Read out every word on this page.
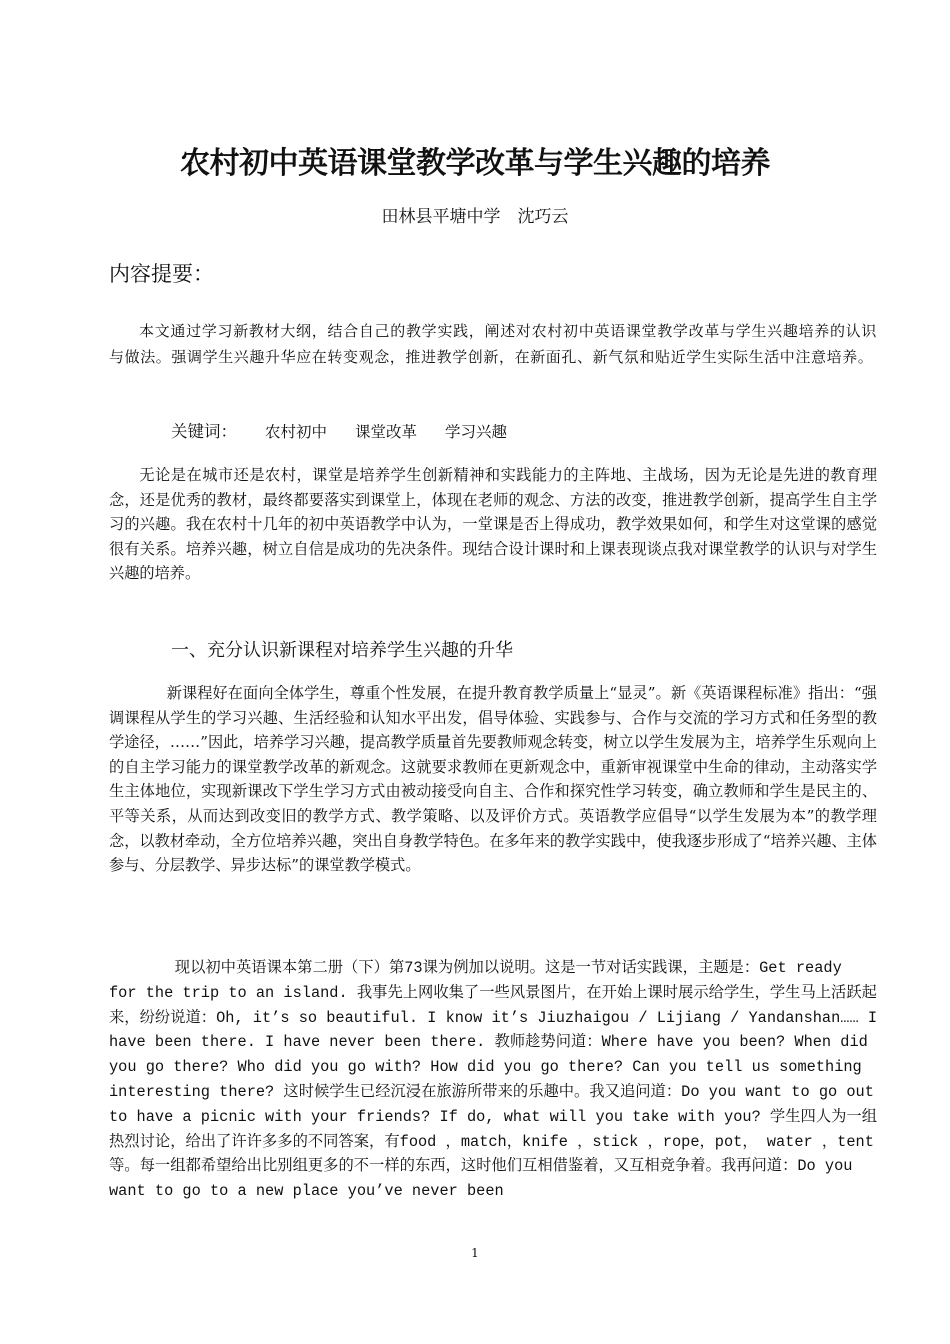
农村初中英语课堂教学改革与学生兴趣的培养
田林县平塘中学　沈巧云
内容提要：

本文通过学习新教材大纲，结合自己的教学实践，阐述对农村初中英语课堂教学改革与学生兴趣培养的认识与做法。强调学生兴趣升华应在转变观念，推进教学创新，在新面孔、新气氛和贴近学生实际生活中注意培养。

关键词： 农村初中 课堂改革 学习兴趣

无论是在城市还是农村，课堂是培养学生创新精神和实践能力的主阵地、主战场，因为无论是先进的教育理念，还是优秀的教材，最终都要落实到课堂上，体现在老师的观念、方法的改变，推进教学创新，提高学生自主学习的兴趣。我在农村十几年的初中英语教学中认为，一堂课是否上得成功，教学效果如何，和学生对这堂课的感觉很有关系。培养兴趣，树立自信是成功的先决条件。现结合设计课时和上课表现谈点我对课堂教学的认识与对学生兴趣的培养。

一、充分认识新课程对培养学生兴趣的升华

新课程好在面向全体学生，尊重个性发展，在提升教育教学质量上“显灵”。新《英语课程标准》指出：“强调课程从学生的学习兴趣、生活经验和认知水平出发，倡导体验、实践参与、合作与交流的学习方式和任务型的教学途径，……”因此，培养学习兴趣，提高教学质量首先要教师观念转变，树立以学生发展为主，培养学生乐观向上的自主学习能力的课堂教学改革的新观念。这就要求教师在更新观念中，重新审视课堂中生命的律动，主动落实学生主体地位，实现新课改下学生学习方式由被动接受向自主、合作和探究性学习转变，确立教师和学生是民主的、平等关系，从而达到改变旧的教学方式、教学策略、以及评价方式。英语教学应倡导“以学生发展为本”的教学理念，以教材牵动，全方位培养兴趣，突出自身教学特色。在多年来的教学实践中，使我逐步形成了“培养兴趣、主体参与、分层教学、异步达标”的课堂教学模式。

现以初中英语课本第二册（下）第73课为例加以说明。这是一节对话实践课，主题是：Get ready for the trip to an island. 我事先上网收集了一些风景图片，在开始上课时展示给学生，学生马上活跃起来，纷纷说道：Oh, it’s so beautiful. I know it’s Jiuzhaigou / Lijiang / Yandanshan…… I have been there. I have never been there. 教师趁势问道：Where have you been? When did you go there? Who did you go with? How did you go there? Can you tell us something interesting there? 这时候学生已经沉浸在旅游所带来的乐趣中。我又追问道：Do you want to go out to have a picnic with your friends? If do, what will you take with you? 学生四人为一组热烈讨论，给出了许许多多的不同答案，有food ，match，knife ，stick ，rope，pot， water ，tent 等。每一组都希望给出比别组更多的不一样的东西，这时他们互相借鉴着，又互相竞争着。我再问道：Do you want to go to a new place you’ve never been

1
